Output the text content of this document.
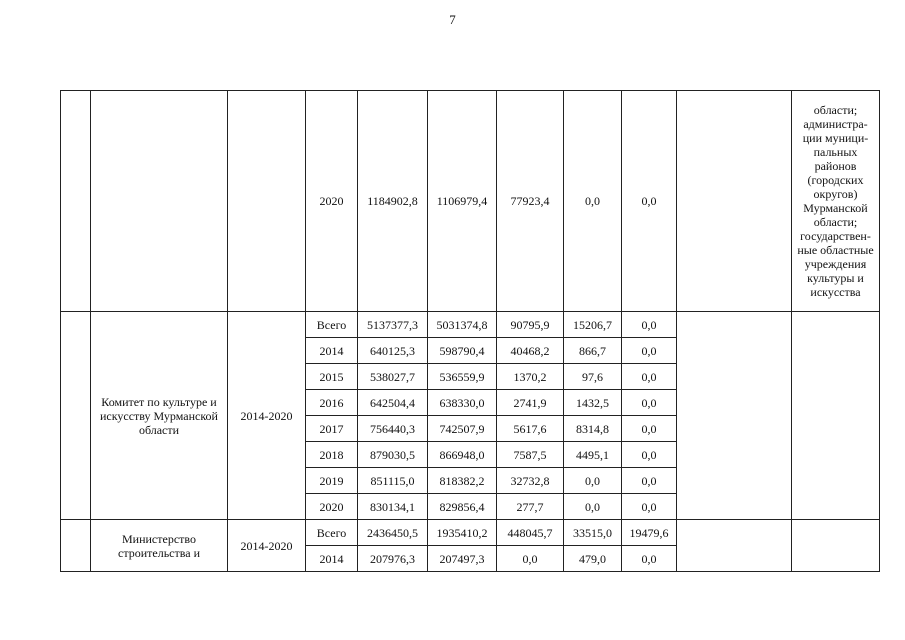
7
			2020	1184902,8	1106979,4	77923,4	0,0	0,0		области; администра-ции муници-пальных районов (городских округов) Мурманской области; государствен-ные областные учреждения культуры и искусства
	Комитет по культуре и искусству Мурманской области	2014-2020	Всего	5137377,3	5031374,8	90795,9	15206,7	0,0		
			2014	640125,3	598790,4	40468,2	866,7	0,0		
			2015	538027,7	536559,9	1370,2	97,6	0,0		
			2016	642504,4	638330,0	2741,9	1432,5	0,0		
			2017	756440,3	742507,9	5617,6	8314,8	0,0		
			2018	879030,5	866948,0	7587,5	4495,1	0,0		
			2019	851115,0	818382,2	32732,8	0,0	0,0		
			2020	830134,1	829856,4	277,7	0,0	0,0		
	Министерство строительства и	2014-2020	Всего	2436450,5	1935410,2	448045,7	33515,0	19479,6		
			2014	207976,3	207497,3	0,0	479,0	0,0		
